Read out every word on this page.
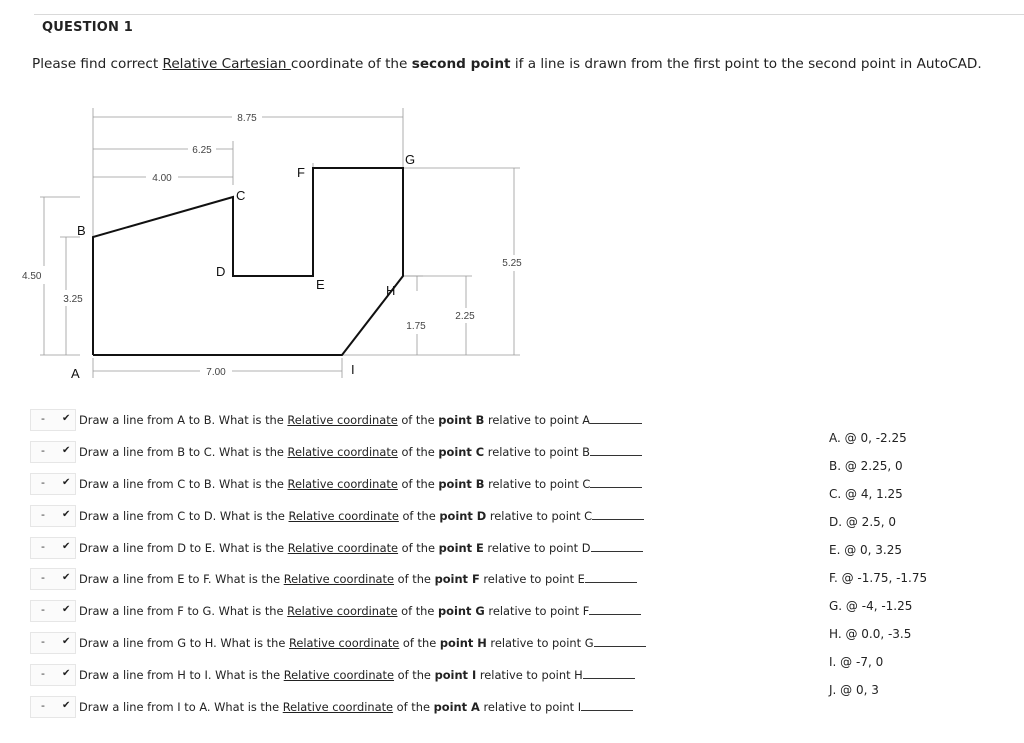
QUESTION 1
Please find correct Relative Cartesian coordinate of the second point if a line is drawn from the first point to the second point in AutoCAD.
8.75
6.25
4.00
5.25
4.50
3.25
2.25
1.75
7.00
A
B
C
D
E
F
G
H
I
- ✔ Draw a line from A to B. What is the Relative coordinate of the point B relative to point A
- ✔ Draw a line from B to C. What is the Relative coordinate of the point C relative to point B
- ✔ Draw a line from C to B. What is the Relative coordinate of the point B relative to point C
- ✔ Draw a line from C to D. What is the Relative coordinate of the point D relative to point C
- ✔ Draw a line from D to E. What is the Relative coordinate of the point E relative to point D
- ✔ Draw a line from E to F. What is the Relative coordinate of the point F relative to point E
- ✔ Draw a line from F to G. What is the Relative coordinate of the point G relative to point F
- ✔ Draw a line from G to H. What is the Relative coordinate of the point H relative to point G
- ✔ Draw a line from H to I. What is the Relative coordinate of the point I relative to point H
- ✔ Draw a line from I to A. What is the Relative coordinate of the point A relative to point I
A. @ 0, -2.25
B. @ 2.25, 0
C. @ 4, 1.25
D. @ 2.5, 0
E. @ 0, 3.25
F. @ -1.75, -1.75
G. @ -4, -1.25
H. @ 0.0, -3.5
I. @ -7, 0
J. @ 0, 3
